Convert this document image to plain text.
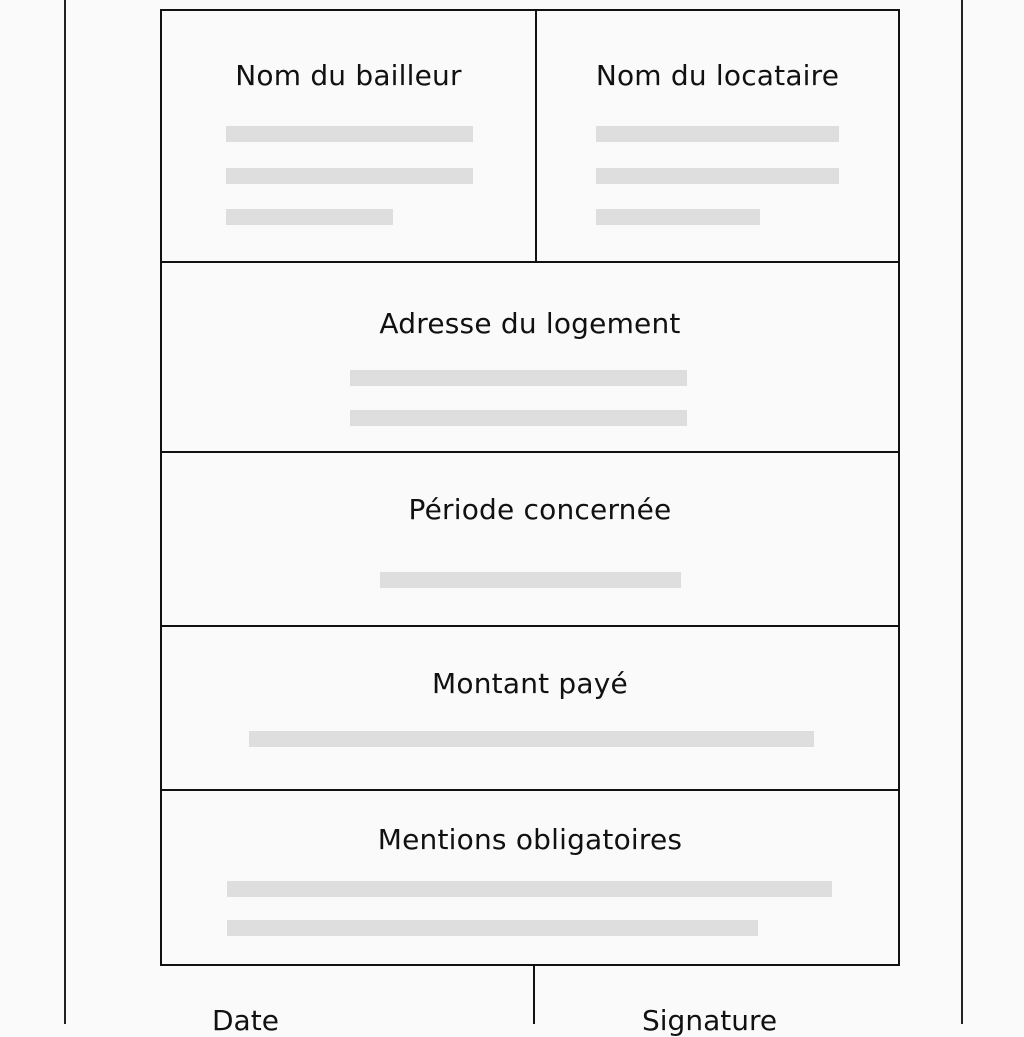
Nom du bailleur	Nom du locataire
Adresse du logement
Période concernée
Montant payé
Mentions obligatoires
Date	Signature
